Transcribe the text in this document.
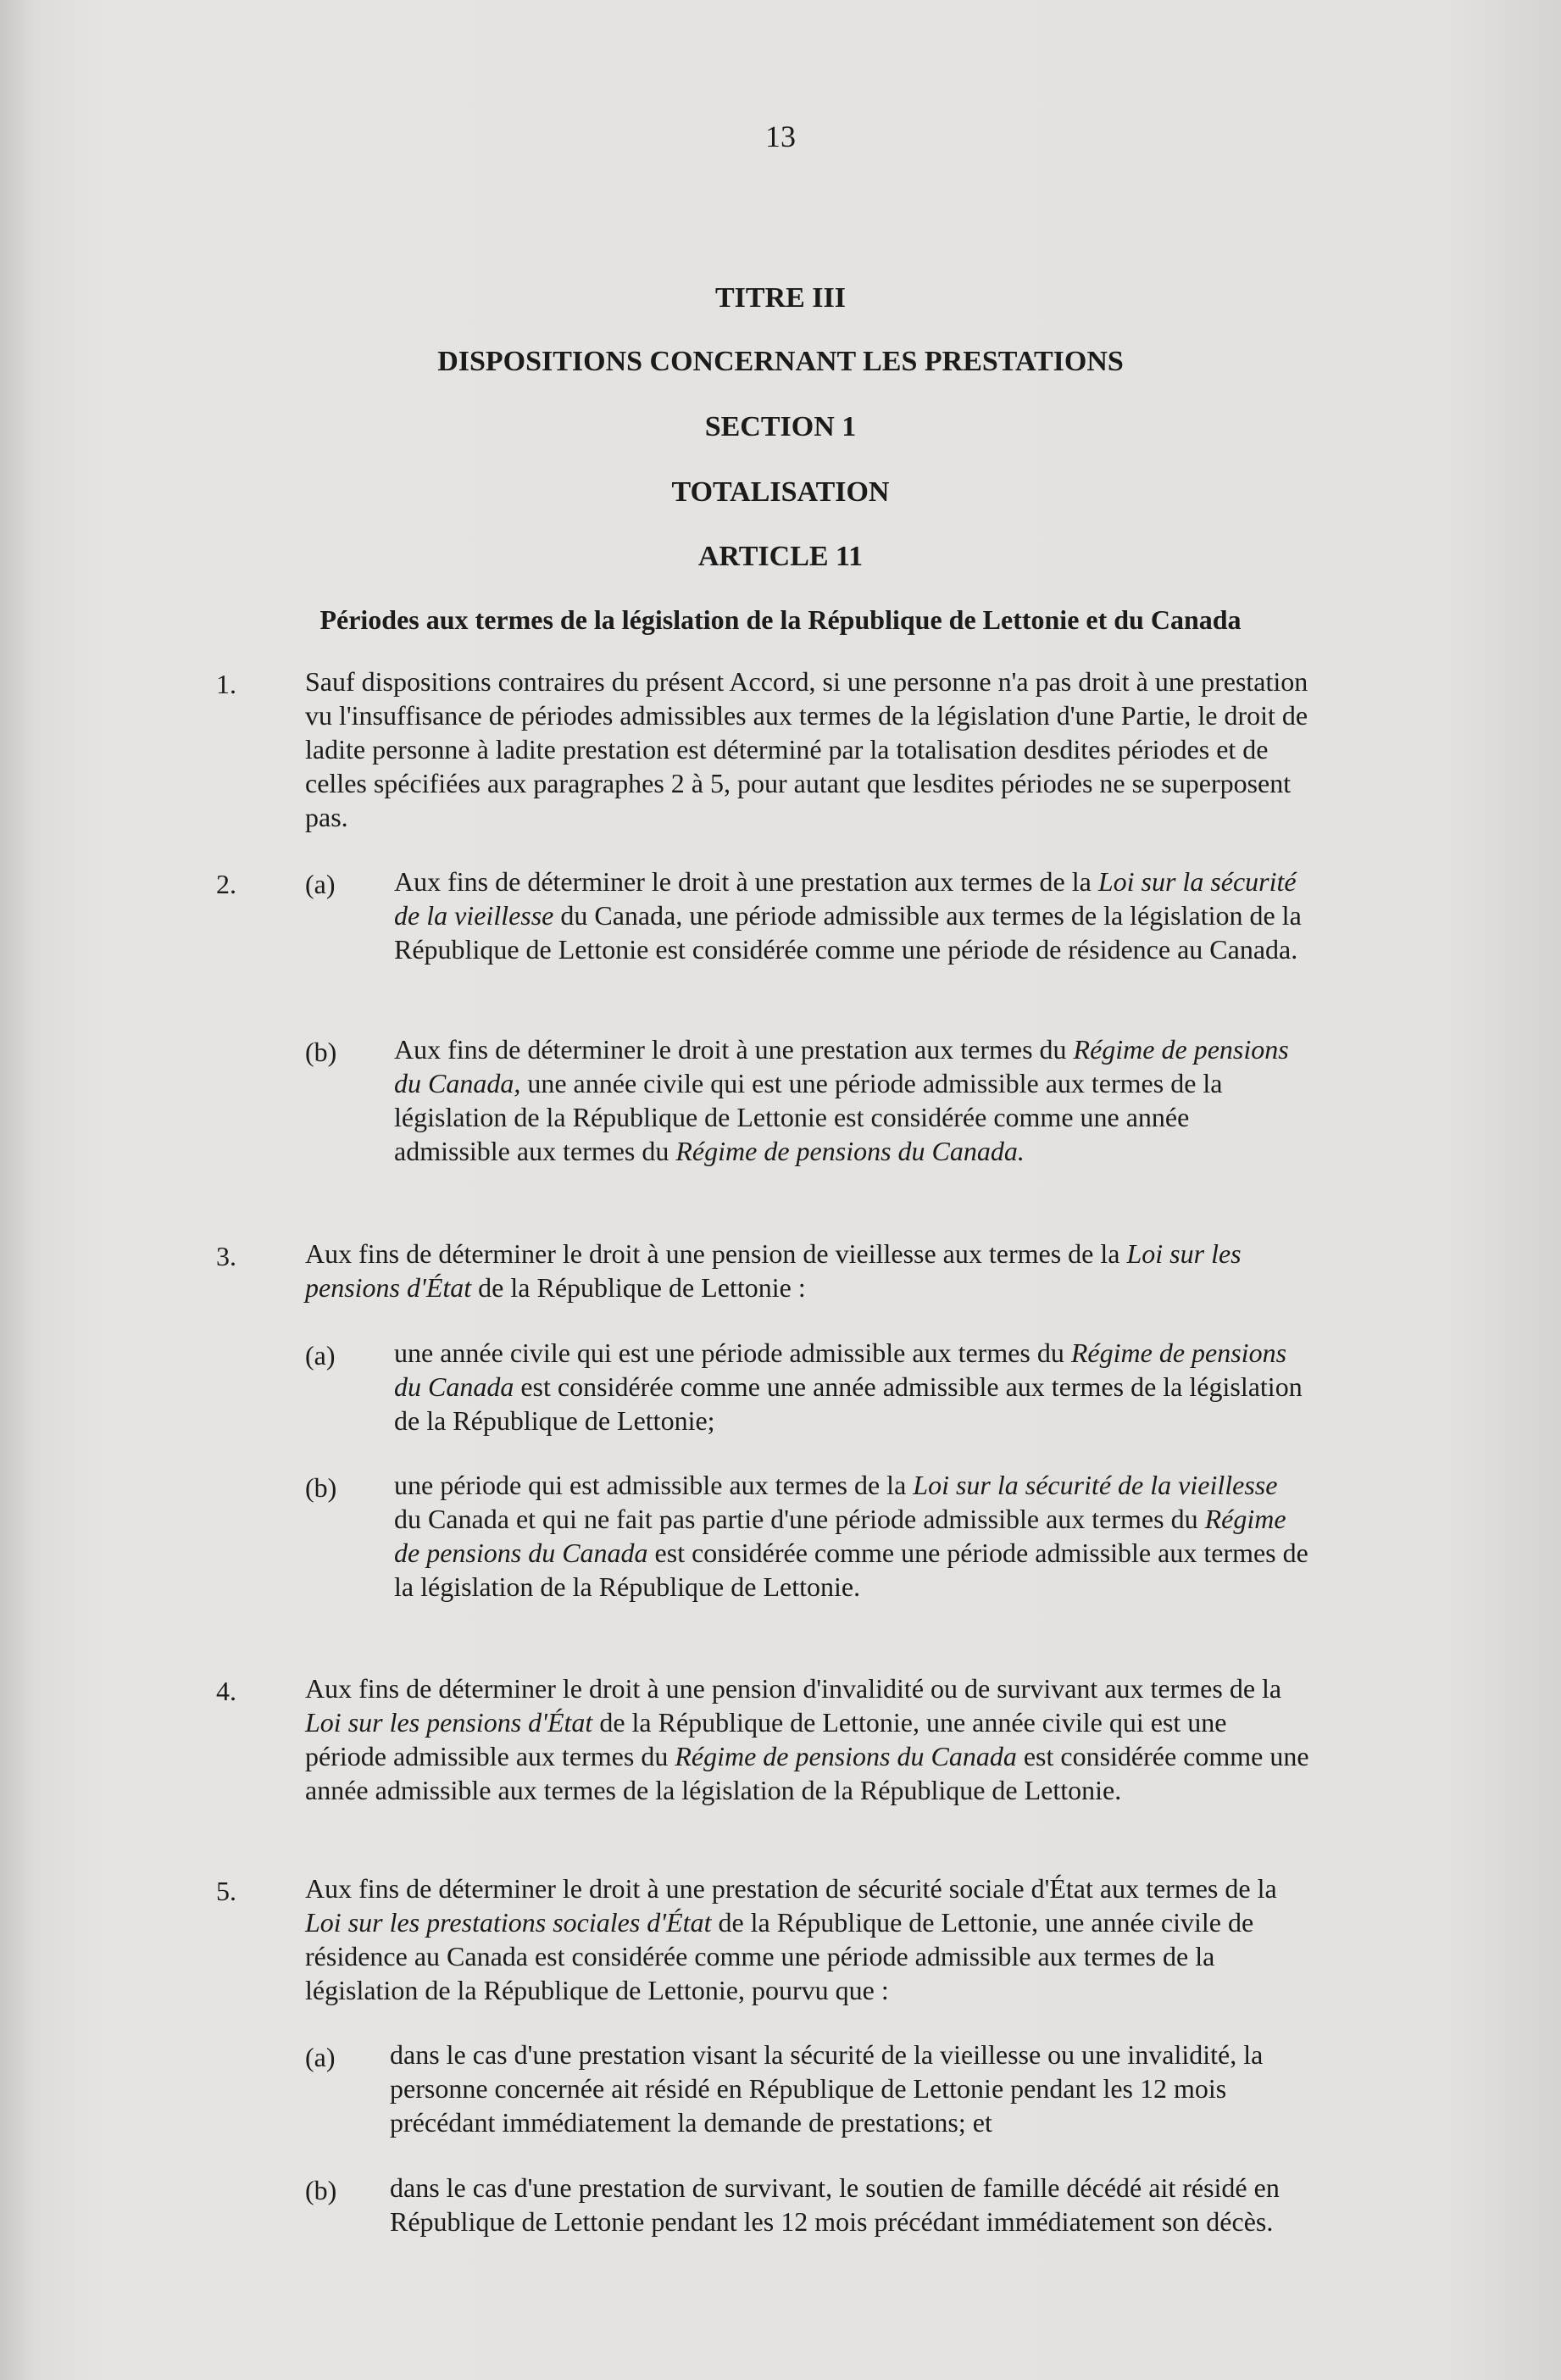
13
TITRE III
DISPOSITIONS CONCERNANT LES PRESTATIONS
SECTION 1
TOTALISATION
ARTICLE 11
Périodes aux termes de la législation de la République de Lettonie et du Canada
1.	Sauf dispositions contraires du présent Accord, si une personne n'a pas droit à une prestation vu l'insuffisance de périodes admissibles aux termes de la législation d'une Partie, le droit de ladite personne à ladite prestation est déterminé par la totalisation desdites périodes et de celles spécifiées aux paragraphes 2 à 5, pour autant que lesdites périodes ne se superposent pas.
2.	(a) Aux fins de déterminer le droit à une prestation aux termes de la Loi sur la sécurité de la vieillesse du Canada, une période admissible aux termes de la législation de la République de Lettonie est considérée comme une période de résidence au Canada.
(b) Aux fins de déterminer le droit à une prestation aux termes du Régime de pensions du Canada, une année civile qui est une période admissible aux termes de la législation de la République de Lettonie est considérée comme une année admissible aux termes du Régime de pensions du Canada.
3.	Aux fins de déterminer le droit à une pension de vieillesse aux termes de la Loi sur les pensions d'État de la République de Lettonie :
(a) une année civile qui est une période admissible aux termes du Régime de pensions du Canada est considérée comme une année admissible aux termes de la législation de la République de Lettonie;
(b) une période qui est admissible aux termes de la Loi sur la sécurité de la vieillesse du Canada et qui ne fait pas partie d'une période admissible aux termes du Régime de pensions du Canada est considérée comme une période admissible aux termes de la législation de la République de Lettonie.
4.	Aux fins de déterminer le droit à une pension d'invalidité ou de survivant aux termes de la Loi sur les pensions d'État de la République de Lettonie, une année civile qui est une période admissible aux termes du Régime de pensions du Canada est considérée comme une année admissible aux termes de la législation de la République de Lettonie.
5.	Aux fins de déterminer le droit à une prestation de sécurité sociale d'État aux termes de la Loi sur les prestations sociales d'État de la République de Lettonie, une année civile de résidence au Canada est considérée comme une période admissible aux termes de la législation de la République de Lettonie, pourvu que :
(a) dans le cas d'une prestation visant la sécurité de la vieillesse ou une invalidité, la personne concernée ait résidé en République de Lettonie pendant les 12 mois précédant immédiatement la demande de prestations; et
(b) dans le cas d'une prestation de survivant, le soutien de famille décédé ait résidé en République de Lettonie pendant les 12 mois précédant immédiatement son décès.
